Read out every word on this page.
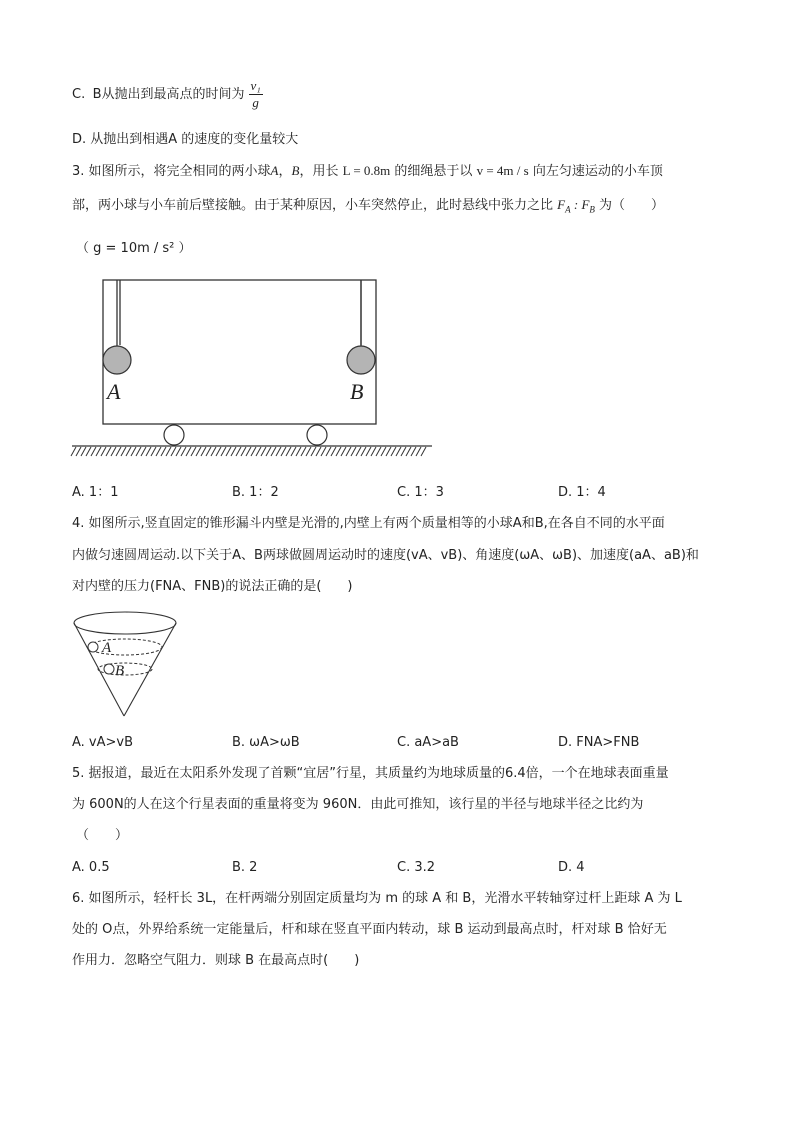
C. B从抛出到最高点的时间为 $\frac{\text{v₁}}{g}$
D. 从抛出到相遇A 的速度的变化量较大
3. 如图所示，将完全相同的两小球A，B，用长 L = 0.8m 的细绳悬于以 v = 4m / s 向左匀速运动的小车顶
部，两小球与小车前后壁接触。由于某种原因，小车突然停止，此时悬线中张力之比 $F_A$ : $F_B$ 为（　　）
（ g = 10m / s² ）
A	B
A. 1：1	B. 1：2	C. 1：3	D. 1：4
4. 如图所示,竖直固定的锥形漏斗内壁是光滑的,内壁上有两个质量相等的小球A和B,在各自不同的水平面
内做匀速圆周运动.以下关于A、B两球做圆周运动时的速度(vA、vB)、角速度(ωA、ωB)、加速度(aA、aB)和
对内壁的压力(FNA、FNB)的说法正确的是(　　)
A
B
A. vA>vB	B. ωA>ωB	C. aA>aB	D. FNA>FNB
5. 据报道，最近在太阳系外发现了首颗“宜居”行星，其质量约为地球质量的6.4倍，一个在地球表面重量
为 600N的人在这个行星表面的重量将变为 960N．由此可推知，该行星的半径与地球半径之比约为
（　　）
A. 0.5	B. 2	C. 3.2	D. 4
6. 如图所示，轻杆长 3L，在杆两端分别固定质量均为 m 的球 A 和 B，光滑水平转轴穿过杆上距球 A 为 L
处的 O点，外界给系统一定能量后，杆和球在竖直平面内转动，球 B 运动到最高点时，杆对球 B 恰好无
作用力．忽略空气阻力．则球 B 在最高点时(　　)
